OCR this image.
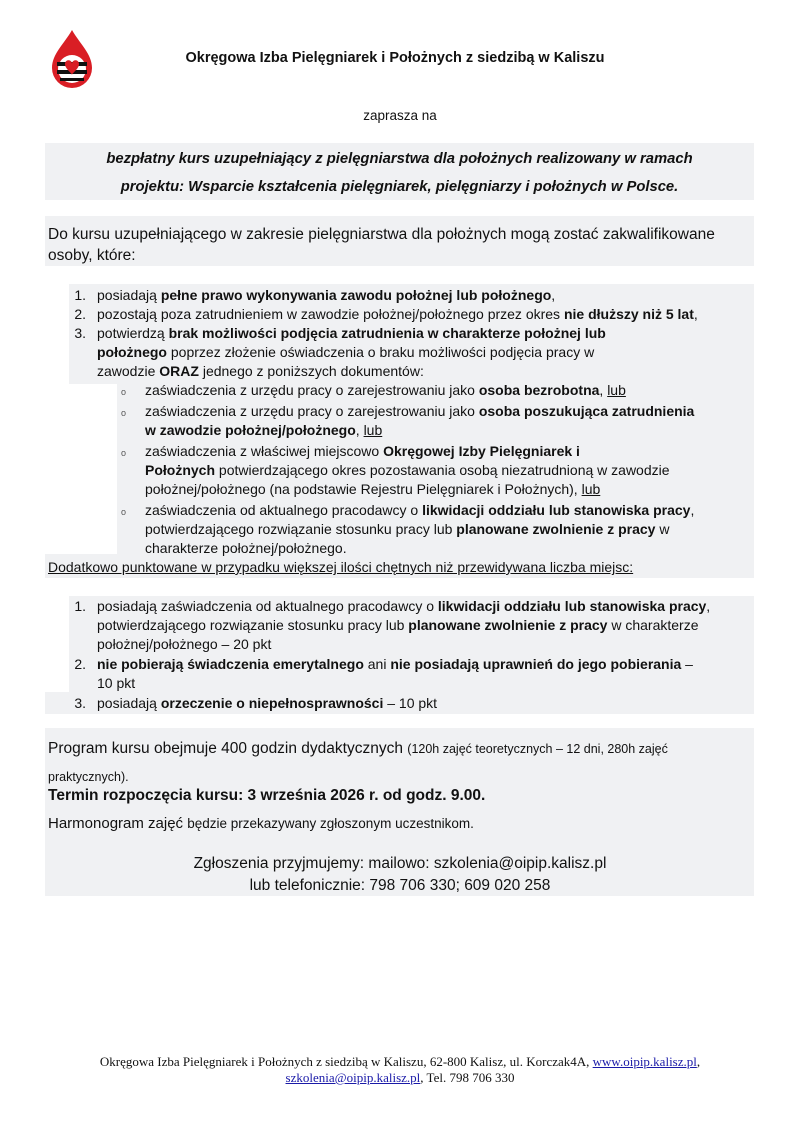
Okręgowa Izba Pielęgniarek i Położnych z siedzibą w Kaliszu
zaprasza na
bezpłatny kurs uzupełniający z pielęgniarstwa dla położnych realizowany w ramach
projektu: Wsparcie kształcenia pielęgniarek, pielęgniarzy i położnych w Polsce.
Do kursu uzupełniającego w zakresie pielęgniarstwa dla położnych mogą zostać zakwalifikowane
osoby, które:
1. posiadają pełne prawo wykonywania zawodu położnej lub położnego,
2. pozostają poza zatrudnieniem w zawodzie położnej/położnego przez okres nie dłuższy niż 5 lat,
3. potwierdzą brak możliwości podjęcia zatrudnienia w charakterze położnej lub
położnego poprzez złożenie oświadczenia o braku możliwości podjęcia pracy w
zawodzie ORAZ jednego z poniższych dokumentów:
o zaświadczenia z urzędu pracy o zarejestrowaniu jako osoba bezrobotna, lub
o zaświadczenia z urzędu pracy o zarejestrowaniu jako osoba poszukująca zatrudnienia
w zawodzie położnej/położnego, lub
o zaświadczenia z właściwej miejscowo Okręgowej Izby Pielęgniarek i
Położnych potwierdzającego okres pozostawania osobą niezatrudnioną w zawodzie
położnej/położnego (na podstawie Rejestru Pielęgniarek i Położnych), lub
o zaświadczenia od aktualnego pracodawcy o likwidacji oddziału lub stanowiska pracy,
potwierdzającego rozwiązanie stosunku pracy lub planowane zwolnienie z pracy w
charakterze położnej/położnego.
Dodatkowo punktowane w przypadku większej ilości chętnych niż przewidywana liczba miejsc:
1. posiadają zaświadczenia od aktualnego pracodawcy o likwidacji oddziału lub stanowiska pracy,
potwierdzającego rozwiązanie stosunku pracy lub planowane zwolnienie z pracy w charakterze
położnej/położnego – 20 pkt
2. nie pobierają świadczenia emerytalnego ani nie posiadają uprawnień do jego pobierania –
10 pkt
3. posiadają orzeczenie o niepełnosprawności – 10 pkt
Program kursu obejmuje 400 godzin dydaktycznych (120h zajęć teoretycznych – 12 dni, 280h zajęć
praktycznych).
Termin rozpoczęcia kursu: 3 września 2026 r. od godz. 9.00.
Harmonogram zajęć będzie przekazywany zgłoszonym uczestnikom.
Zgłoszenia przyjmujemy: mailowo: szkolenia@oipip.kalisz.pl
lub telefonicznie: 798 706 330; 609 020 258
Okręgowa Izba Pielęgniarek i Położnych z siedzibą w Kaliszu, 62-800 Kalisz, ul. Korczak4A, www.oipip.kalisz.pl,
szkolenia@oipip.kalisz.pl, Tel. 798 706 330
